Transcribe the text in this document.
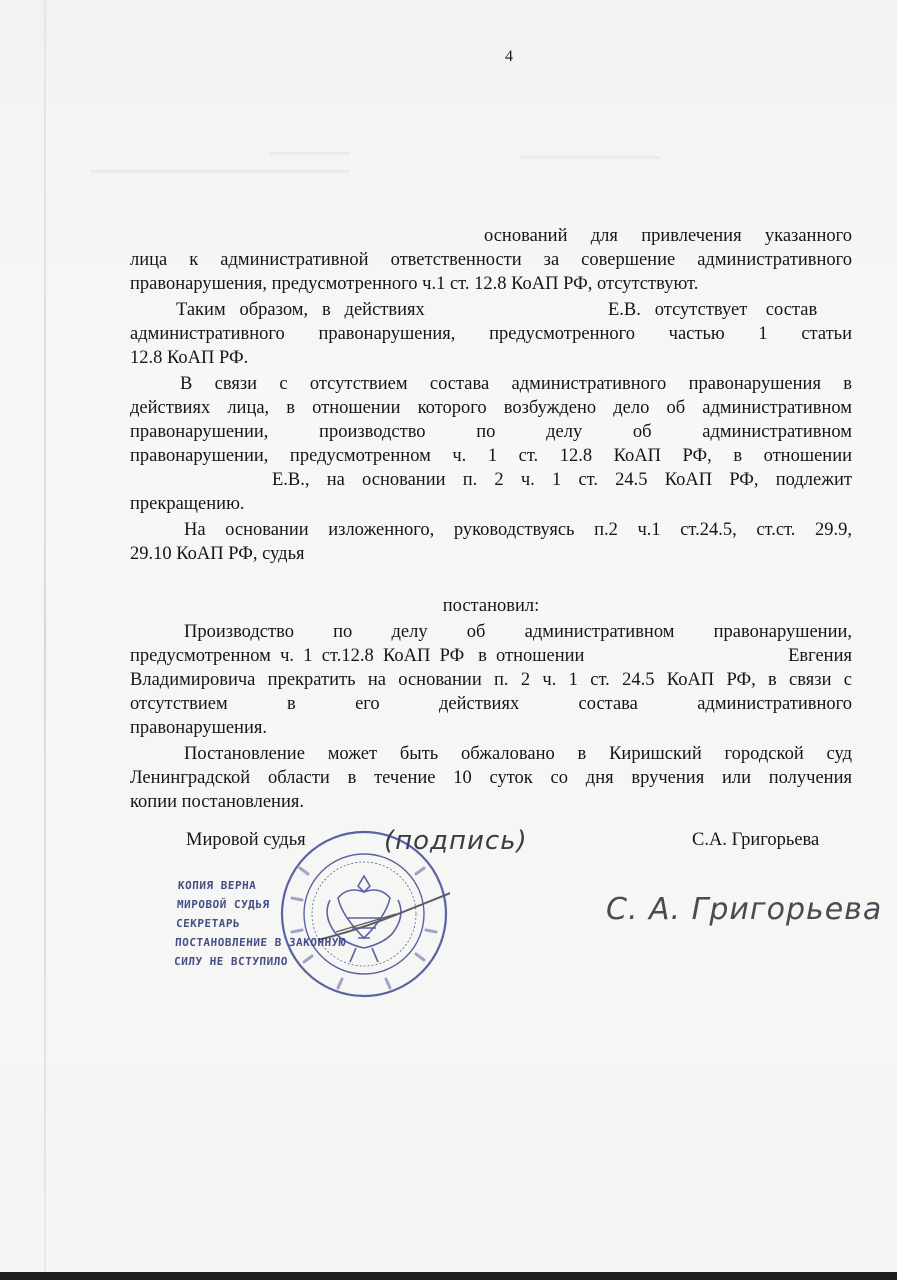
4
оснований для привлечения указанного
лица к административной ответственности за совершение административного
правонарушения, предусмотренного ч.1 ст. 12.8 КоАП РФ, отсутствуют.
Таким   образом,   в   действиях	Е.В.   отсутствует    состав
административного правонарушения, предусмотренного частью 1 статьи
12.8 КоАП РФ.
В связи с отсутствием состава административного правонарушения в
действиях лица, в отношении которого возбуждено дело об административном
правонарушении, производство по делу об административном
правонарушении, предусмотренном ч. 1 ст. 12.8 КоАП РФ, в отношении
Е.В., на основании п. 2 ч. 1 ст. 24.5 КоАП РФ, подлежит
прекращению.
На основании изложенного, руководствуясь п.2 ч.1 ст.24.5, ст.ст. 29.9,
29.10 КоАП РФ, судья
постановил:
Производство по делу об административном правонарушении,
предусмотренном  ч.  1  ст.12.8  КоАП  РФ   в  отношении	Евгения
Владимировича прекратить на основании п. 2 ч. 1 ст. 24.5 КоАП РФ, в связи с
отсутствием в его действиях состава административного
правонарушения.
Постановление может быть обжаловано в Киришский городской суд
Ленинградской области в течение 10 суток со дня вручения или получения
копии постановления.
Мировой судья	С.А. Григорьева
(подпись)
С. А. Григорьева
КОПИЯ ВЕРНА
МИРОВОЙ СУДЬЯ
СЕКРЕТАРЬ
ПОСТАНОВЛЕНИЕ В ЗАКОННУЮ
СИЛУ НЕ ВСТУПИЛО
